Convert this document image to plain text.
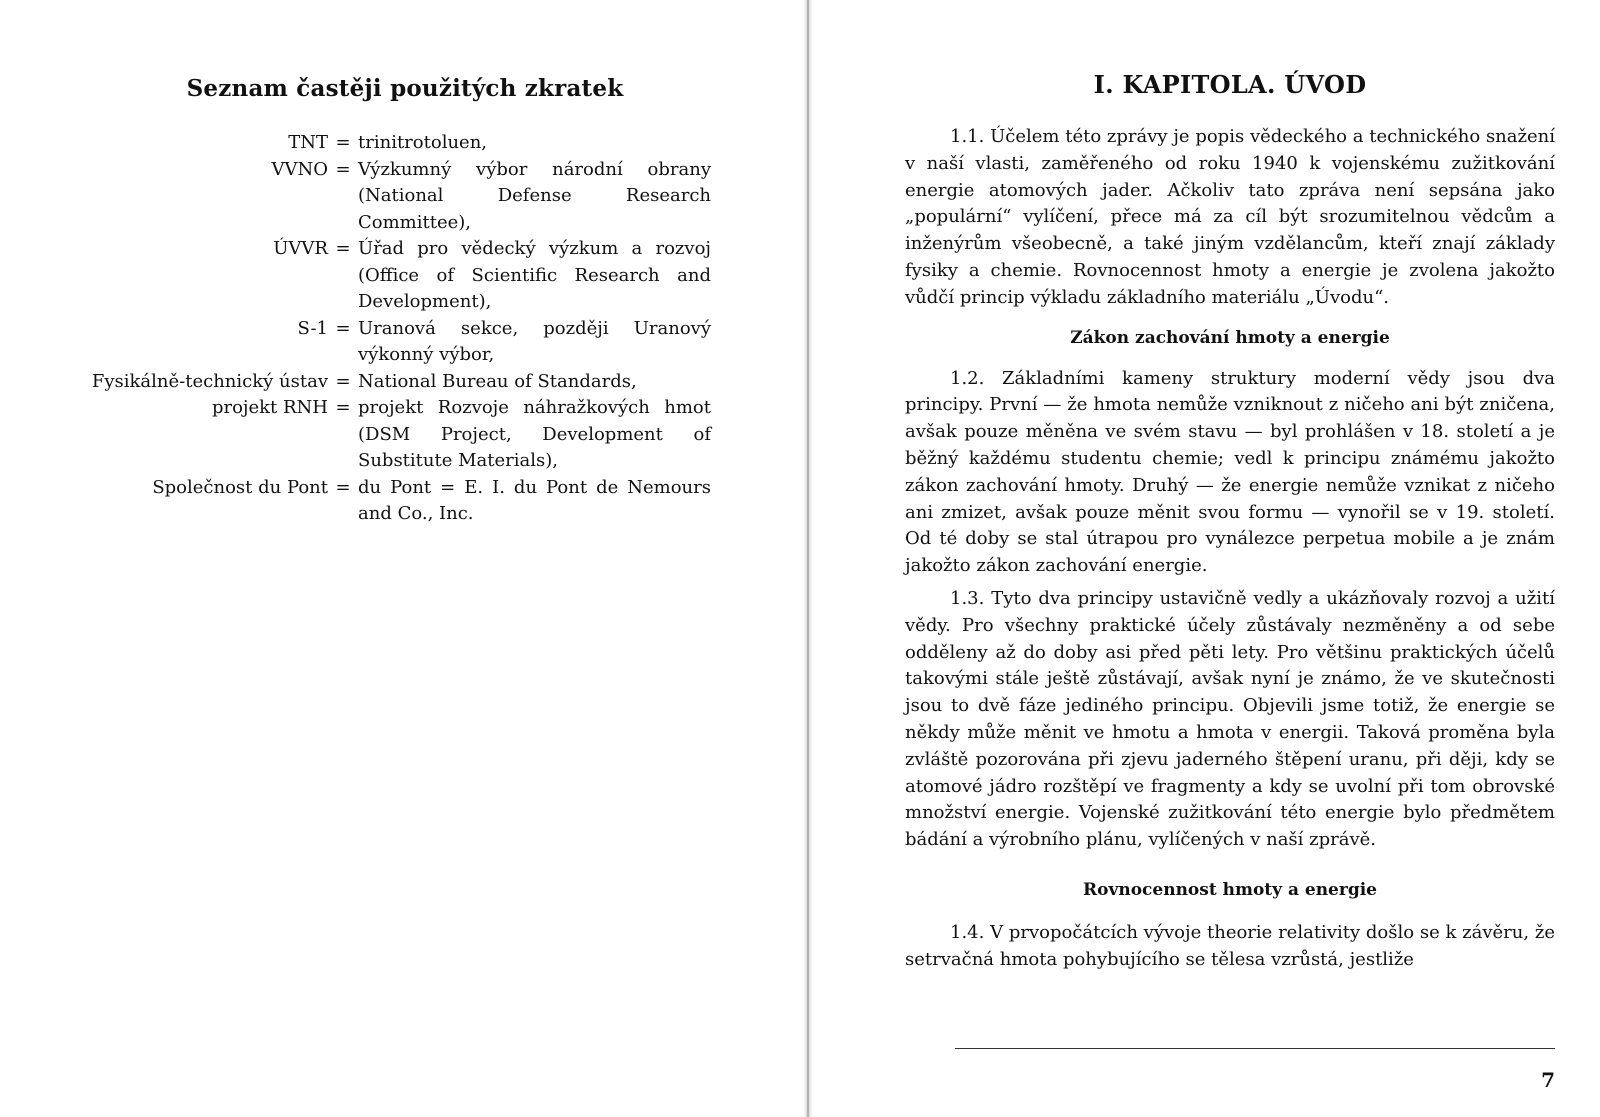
Seznam častěji použitých zkratek
TNT = trinitrotoluen,
VVNO = Výzkumný výbor národní obrany (National Defense Research Committee),
ÚVVR = Úřad pro vědecký výzkum a rozvoj (Office of Scientific Research and Development),
S-1 = Uranová sekce, později Uranový výkonný výbor,
Fysikálně-technický ústav = National Bureau of Standards,
projekt RNH = projekt Rozvoje náhražkových hmot (DSM Project, Development of Substitute Materials),
Společnost du Pont = du Pont = E. I. du Pont de Nemours and Co., Inc.
I. KAPITOLA. ÚVOD

1.1. Účelem této zprávy je popis vědeckého a technického snažení v naší vlasti, zaměřeného od roku 1940 k vojenskému zužitkování energie atomových jader. Ačkoliv tato zpráva není sepsána jako „populární“ vylíčení, přece má za cíl být srozumitelnou vědcům a inženýrům všeobecně, a také jiným vzdělancům, kteří znají základy fysiky a chemie. Rovnocennost hmoty a energie je zvolena jakožto vůdčí princip výkladu základního materiálu „Úvodu“.

Zákon zachování hmoty a energie

1.2. Základními kameny struktury moderní vědy jsou dva principy. První — že hmota nemůže vzniknout z ničeho ani být zničena, avšak pouze měněna ve svém stavu — byl prohlášen v 18. století a je běžný každému studentu chemie; vedl k principu známému jakožto zákon zachování hmoty. Druhý — že energie nemůže vznikat z ničeho ani zmizet, avšak pouze měnit svou formu — vynořil se v 19. století. Od té doby se stal útrapou pro vynálezce perpetua mobile a je znám jakožto zákon zachování energie.

1.3. Tyto dva principy ustavičně vedly a ukázňovaly rozvoj a užití vědy. Pro všechny praktické účely zůstávaly nezměněny a od sebe odděleny až do doby asi před pěti lety. Pro většinu praktických účelů takovými stále ještě zůstávají, avšak nyní je známo, že ve skutečnosti jsou to dvě fáze jediného principu. Objevili jsme totiž, že energie se někdy může měnit ve hmotu a hmota v energii. Taková proměna byla zvláště pozorována při zjevu jaderného štěpení uranu, při ději, kdy se atomové jádro rozštěpí ve fragmenty a kdy se uvolní při tom obrovské množství energie. Vojenské zužitkování této energie bylo předmětem bádání a výrobního plánu, vylíčených v naší zprávě.

Rovnocennost hmoty a energie

1.4. V prvopočátcích vývoje theorie relativity došlo se k závěru, že setrvačná hmota pohybujícího se tělesa vzrůstá, jestliže

7
